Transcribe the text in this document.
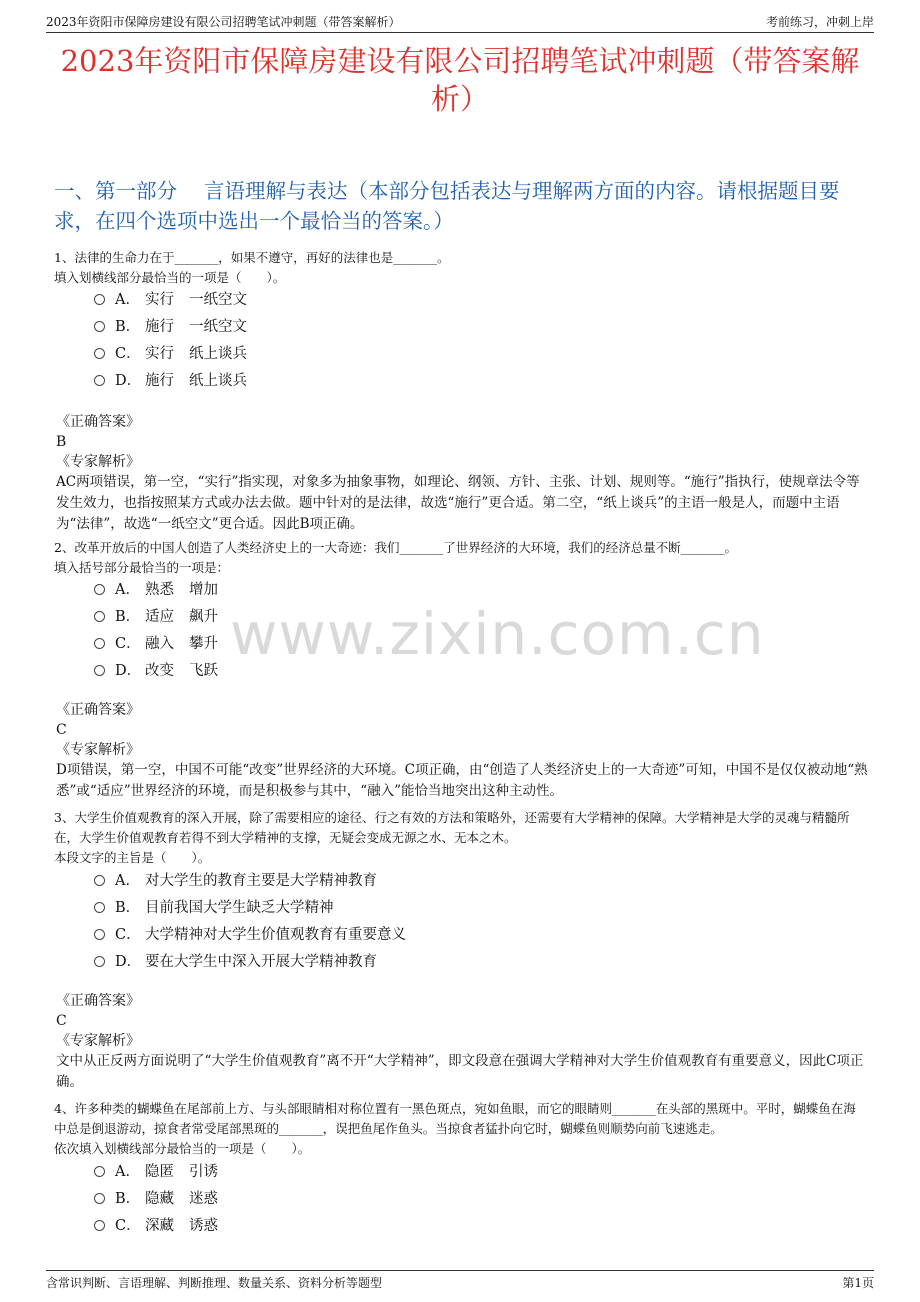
2023年资阳市保障房建设有限公司招聘笔试冲刺题（带答案解析）	考前练习，冲刺上岸
2023年资阳市保障房建设有限公司招聘笔试冲刺题（带答案解析）
一、第一部分　 言语理解与表达（本部分包括表达与理解两方面的内容。请根据题目要求，在四个选项中选出一个最恰当的答案。）
www.zixin.com.cn

1、法律的生命力在于_______，如果不遵守，再好的法律也是_______。

填入划横线部分最恰当的一项是（　　）。

A． 实行 一纸空文
B． 施行 一纸空文
C． 实行 纸上谈兵
D． 施行 纸上谈兵

《正确答案》

B

《专家解析》

AC两项错误，第一空，“实行”指实现，对象多为抽象事物，如理论、纲领、方针、主张、计划、规则等。“施行”指执行，使规章法令等发生效力，也指按照某方式或办法去做。题中针对的是法律，故选“施行”更合适。第二空，“纸上谈兵”的主语一般是人，而题中主语为“法律”，故选“一纸空文”更合适。因此B项正确。

2、改革开放后的中国人创造了人类经济史上的一大奇迹：我们_______了世界经济的大环境，我们的经济总量不断_______。

填入括号部分最恰当的一项是：

A． 熟悉 增加
B． 适应 飙升
C． 融入 攀升
D． 改变 飞跃

《正确答案》

C

《专家解析》

D项错误，第一空，中国不可能“改变”世界经济的大环境。C项正确，由“创造了人类经济史上的一大奇迹”可知，中国不是仅仅被动地“熟悉”或“适应”世界经济的环境，而是积极参与其中，“融入”能恰当地突出这种主动性。

3、大学生价值观教育的深入开展，除了需要相应的途径、行之有效的方法和策略外，还需要有大学精神的保障。大学精神是大学的灵魂与精髓所在，大学生价值观教育若得不到大学精神的支撑，无疑会变成无源之水、无本之木。

本段文字的主旨是（　　）。

A． 对大学生的教育主要是大学精神教育
B． 目前我国大学生缺乏大学精神
C． 大学精神对大学生价值观教育有重要意义
D． 要在大学生中深入开展大学精神教育

《正确答案》

C

《专家解析》

文中从正反两方面说明了“大学生价值观教育”离不开“大学精神”，即文段意在强调大学精神对大学生价值观教育有重要意义，因此C项正确。

4、许多种类的蝴蝶鱼在尾部前上方、与头部眼睛相对称位置有一黑色斑点，宛如鱼眼，而它的眼睛则_______在头部的黑斑中。平时，蝴蝶鱼在海中总是倒退游动，掠食者常受尾部黑斑的_______，误把鱼尾作鱼头。当掠食者猛扑向它时，蝴蝶鱼则顺势向前飞速逃走。

依次填入划横线部分最恰当的一项是（　　）。

A． 隐匿 引诱
B． 隐藏 迷惑
C． 深藏 诱惑
含常识判断、言语理解、判断推理、数量关系、资料分析等题型	第1页
